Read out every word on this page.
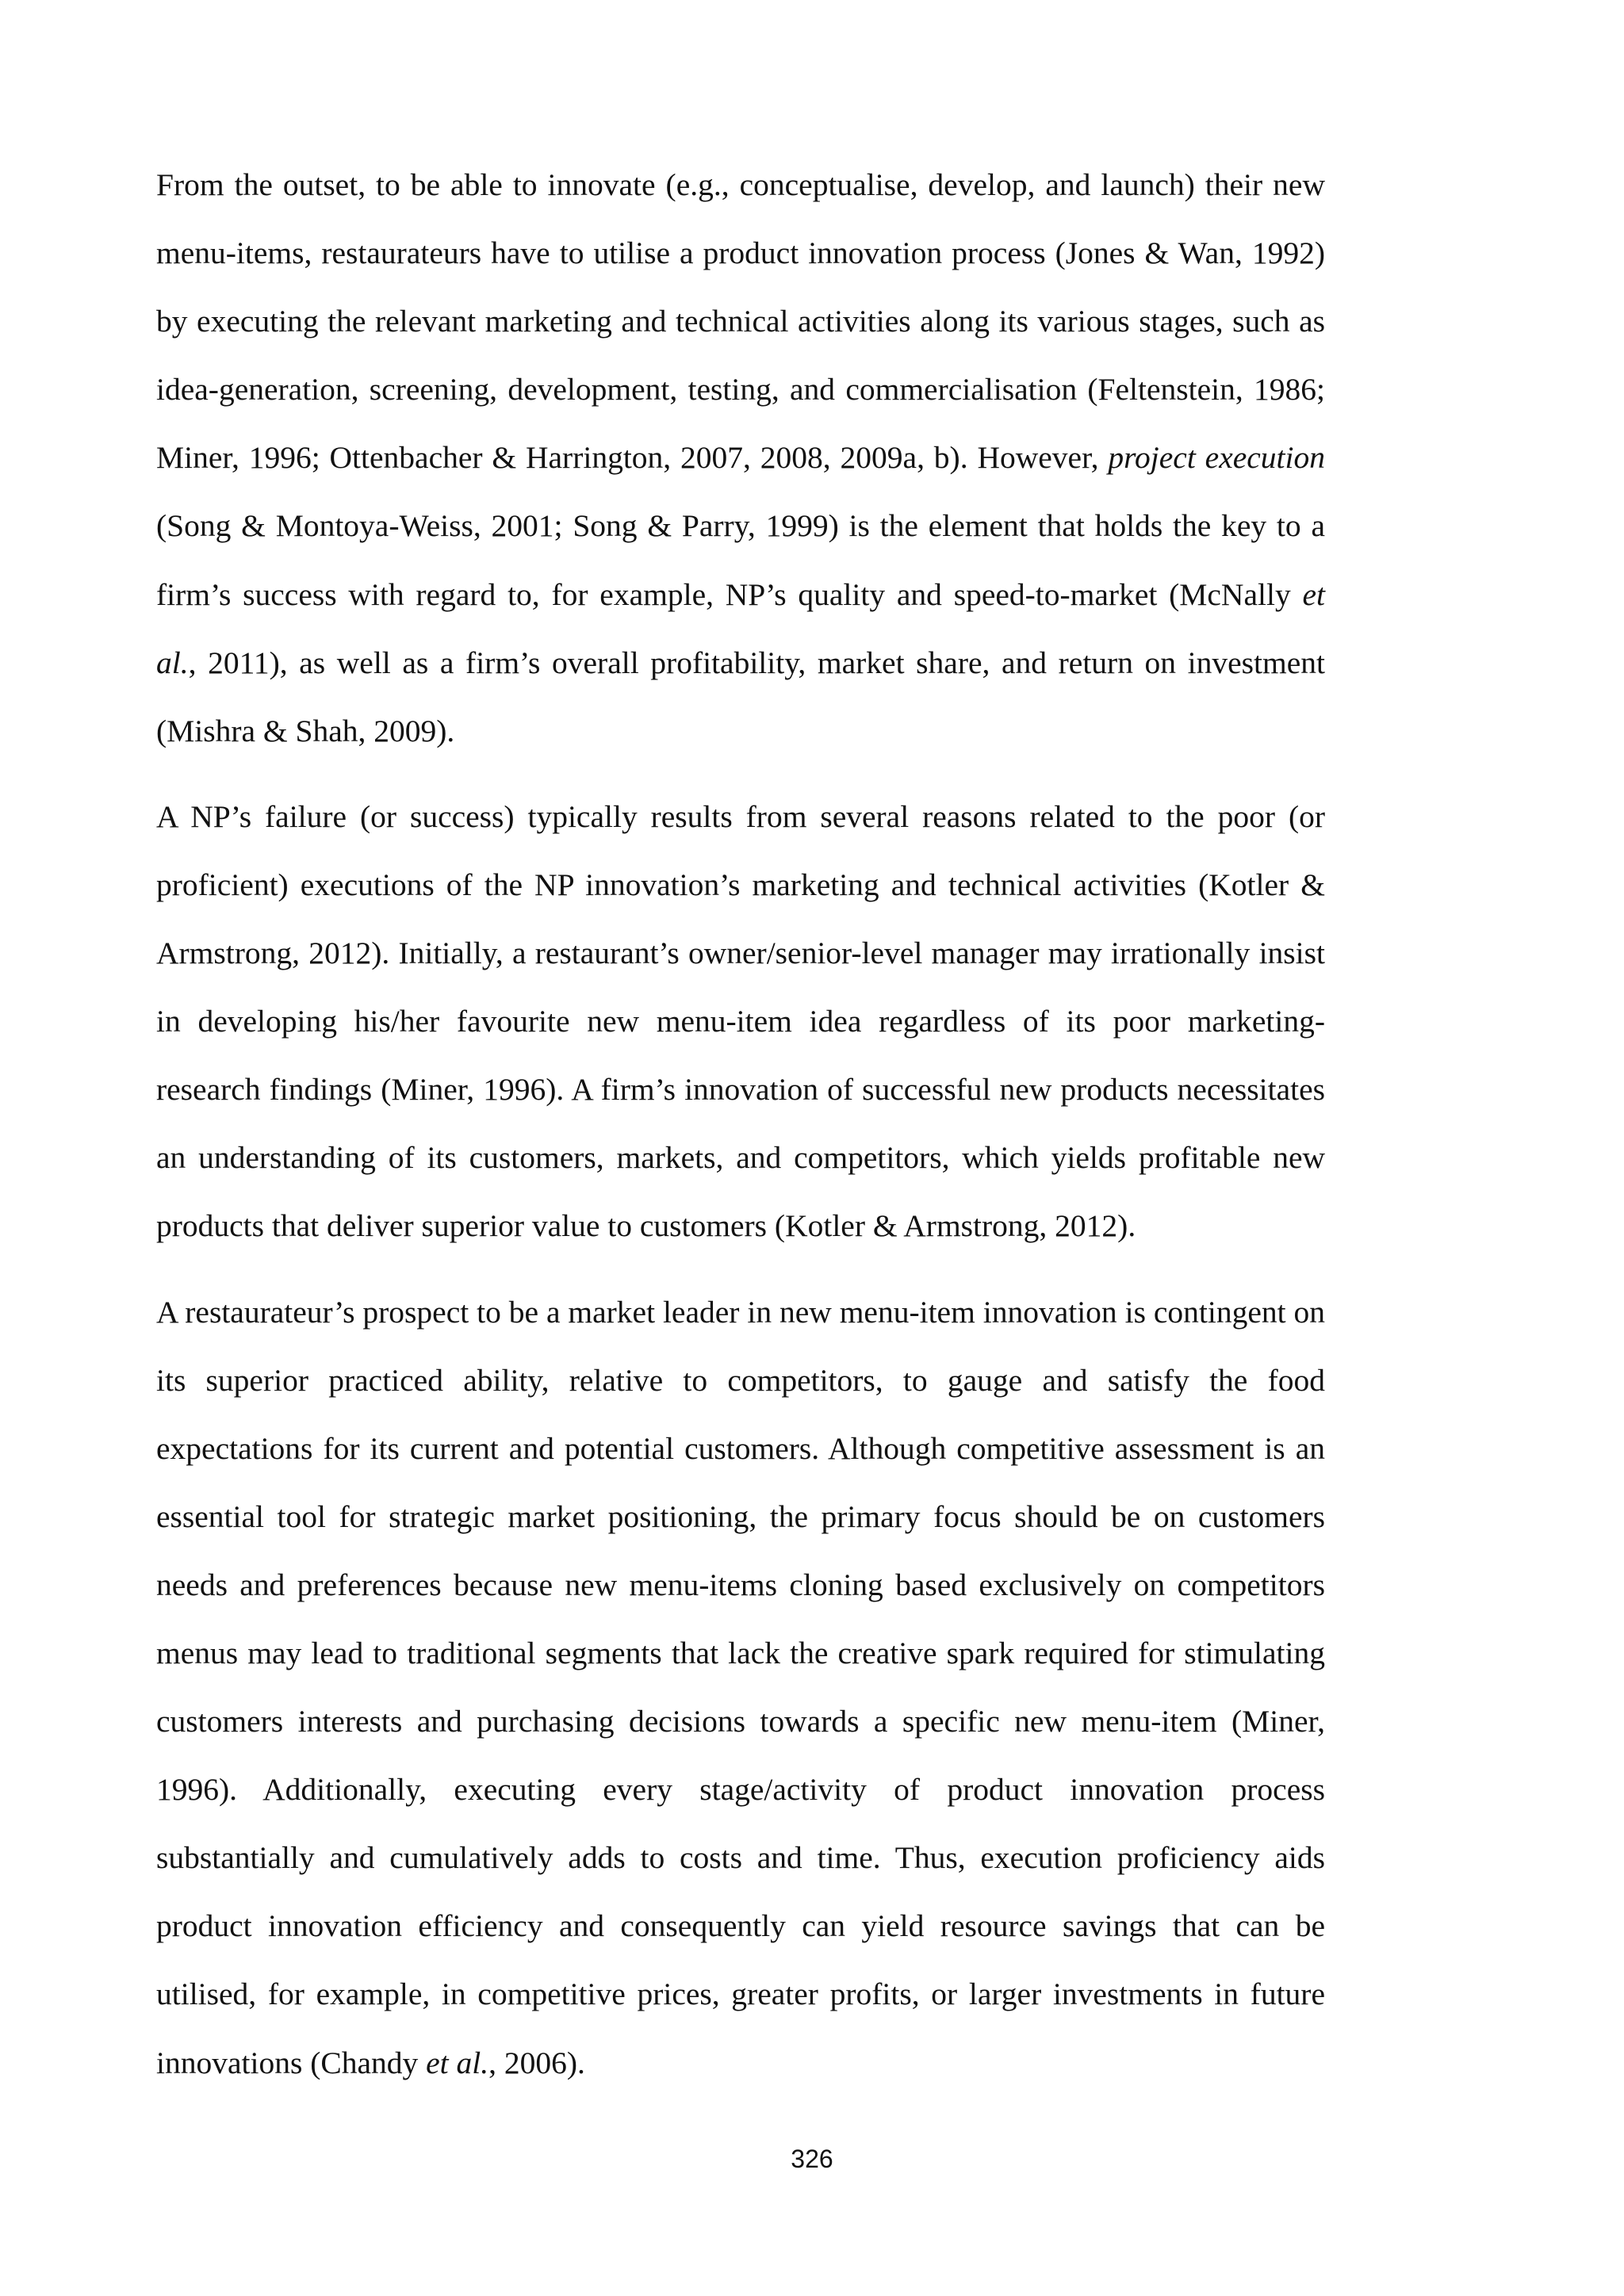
From the outset, to be able to innovate (e.g., conceptualise, develop, and launch) their new menu-items, restaurateurs have to utilise a product innovation process (Jones & Wan, 1992) by executing the relevant marketing and technical activities along its various stages, such as idea-generation, screening, development, testing, and commercialisation (Feltenstein, 1986; Miner, 1996; Ottenbacher & Harrington, 2007, 2008, 2009a, b). However, project execution (Song & Montoya-Weiss, 2001; Song & Parry, 1999) is the element that holds the key to a firm’s success with regard to, for example, NP’s quality and speed-to-market (McNally et al., 2011), as well as a firm’s overall profitability, market share, and return on investment (Mishra & Shah, 2009).

A NP’s failure (or success) typically results from several reasons related to the poor (or proficient) executions of the NP innovation’s marketing and technical activities (Kotler & Armstrong, 2012). Initially, a restaurant’s owner/senior-level manager may irrationally insist in developing his/her favourite new menu-item idea regardless of its poor marketing-research findings (Miner, 1996). A firm’s innovation of successful new products necessitates an understanding of its customers, markets, and competitors, which yields profitable new products that deliver superior value to customers (Kotler & Armstrong, 2012).

A restaurateur’s prospect to be a market leader in new menu-item innovation is contingent on its superior practiced ability, relative to competitors, to gauge and satisfy the food expectations for its current and potential customers. Although competitive assessment is an essential tool for strategic market positioning, the primary focus should be on customers needs and preferences because new menu-items cloning based exclusively on competitors menus may lead to traditional segments that lack the creative spark required for stimulating customers interests and purchasing decisions towards a specific new menu-item (Miner, 1996). Additionally, executing every stage/activity of product innovation process substantially and cumulatively adds to costs and time. Thus, execution proficiency aids product innovation efficiency and consequently can yield resource savings that can be utilised, for example, in competitive prices, greater profits, or larger investments in future innovations (Chandy et al., 2006).

326
